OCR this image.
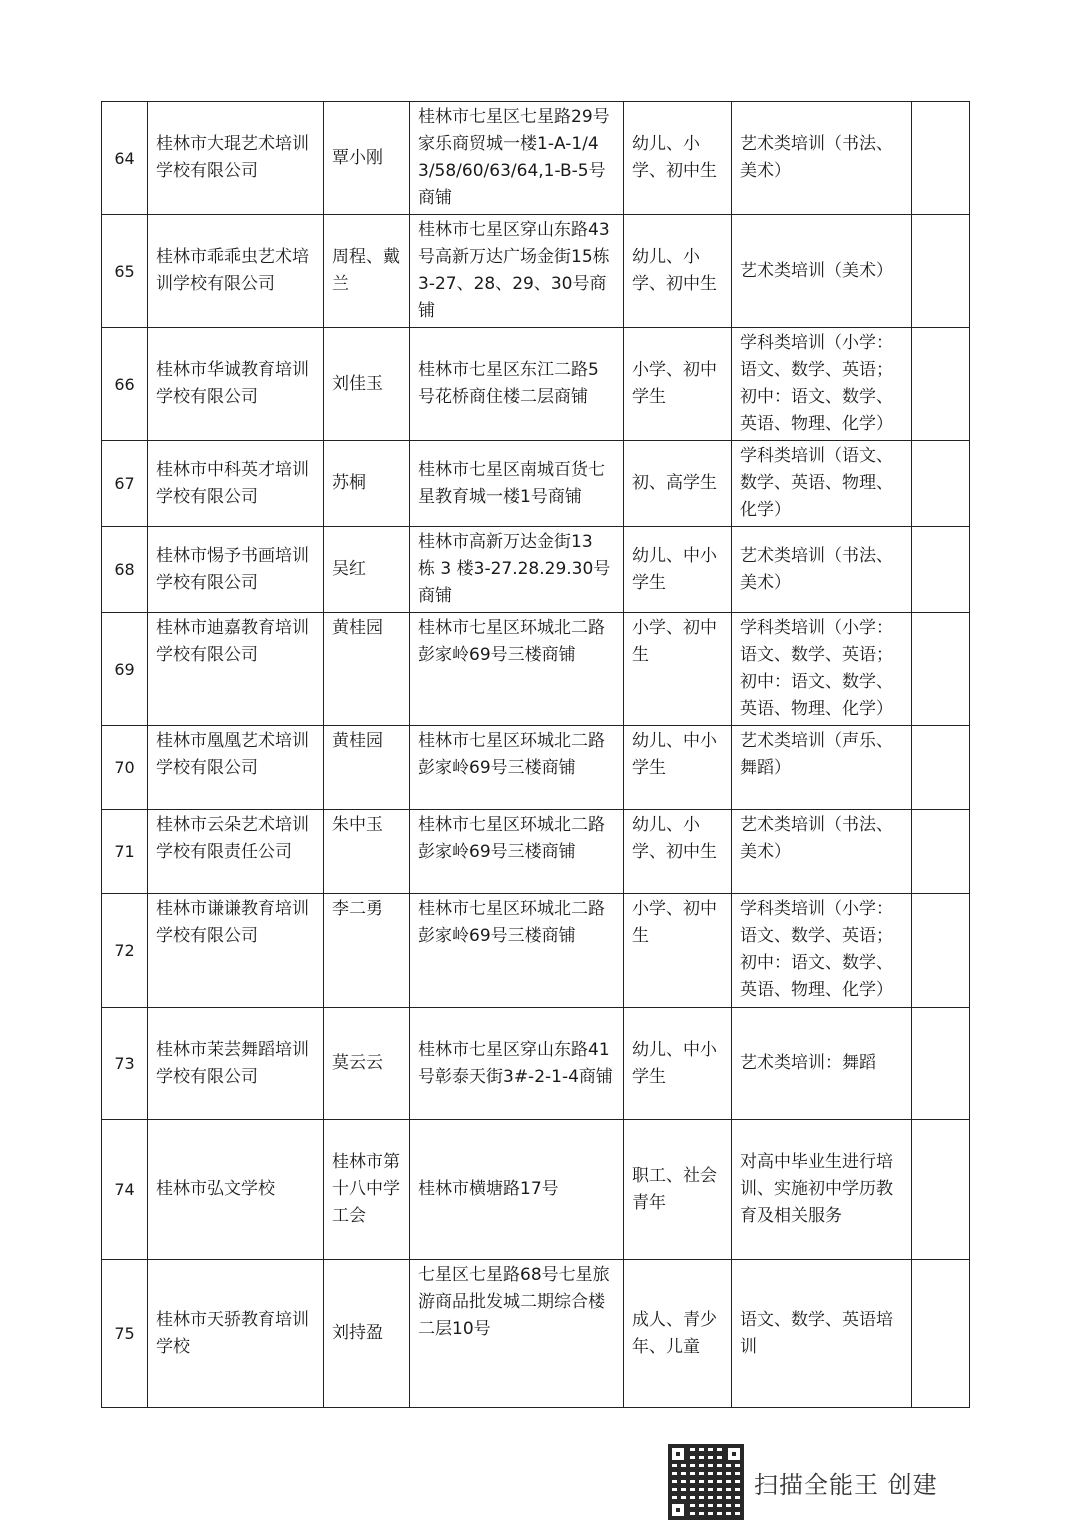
64	桂林市大琨艺术培训学校有限公司	覃小刚	桂林市七星区七星路29号家乐商贸城一楼1-A-1/43/58/60/63/64,1-B-5号商铺	幼儿、小学、初中生	艺术类培训（书法、美术）	
65	桂林市乖乖虫艺术培训学校有限公司	周程、戴兰	桂林市七星区穿山东路43号高新万达广场金街15栋3-27、28、29、30号商铺	幼儿、小学、初中生	艺术类培训（美术）	
66	桂林市华诚教育培训学校有限公司	刘佳玉	桂林市七星区东江二路5号花桥商住楼二层商铺	小学、初中学生	学科类培训（小学：语文、数学、英语；初中：语文、数学、英语、物理、化学）	
67	桂林市中科英才培训学校有限公司	苏桐	桂林市七星区南城百货七星教育城一楼1号商铺	初、高学生	学科类培训（语文、数学、英语、物理、化学）	
68	桂林市惕予书画培训学校有限公司	吴红	桂林市高新万达金街13 栋 3 楼3-27.28.29.30号商铺	幼儿、中小学生	艺术类培训（书法、美术）	
69	桂林市迪嘉教育培训学校有限公司	黄桂园	桂林市七星区环城北二路彭家岭69号三楼商铺	小学、初中生	学科类培训（小学：语文、数学、英语；初中：语文、数学、英语、物理、化学）	
70	桂林市凰凰艺术培训学校有限公司	黄桂园	桂林市七星区环城北二路彭家岭69号三楼商铺	幼儿、中小学生	艺术类培训（声乐、舞蹈）	
71	桂林市云朵艺术培训学校有限责任公司	朱中玉	桂林市七星区环城北二路彭家岭69号三楼商铺	幼儿、小学、初中生	艺术类培训（书法、美术）	
72	桂林市谦谦教育培训学校有限公司	李二勇	桂林市七星区环城北二路彭家岭69号三楼商铺	小学、初中生	学科类培训（小学：语文、数学、英语；初中：语文、数学、英语、物理、化学）	
73	桂林市茉芸舞蹈培训学校有限公司	莫云云	桂林市七星区穿山东路41号彰泰天街3#-2-1-4商铺	幼儿、中小学生	艺术类培训：舞蹈	
74	桂林市弘文学校	桂林市第十八中学工会	桂林市横塘路17号	职工、社会青年	对高中毕业生进行培训、实施初中学历教育及相关服务	
75	桂林市天骄教育培训学校	刘持盈	七星区七星路68号七星旅游商品批发城二期综合楼二层10号	成人、青少年、儿童	语文、数学、英语培训	
扫描全能王 创建
